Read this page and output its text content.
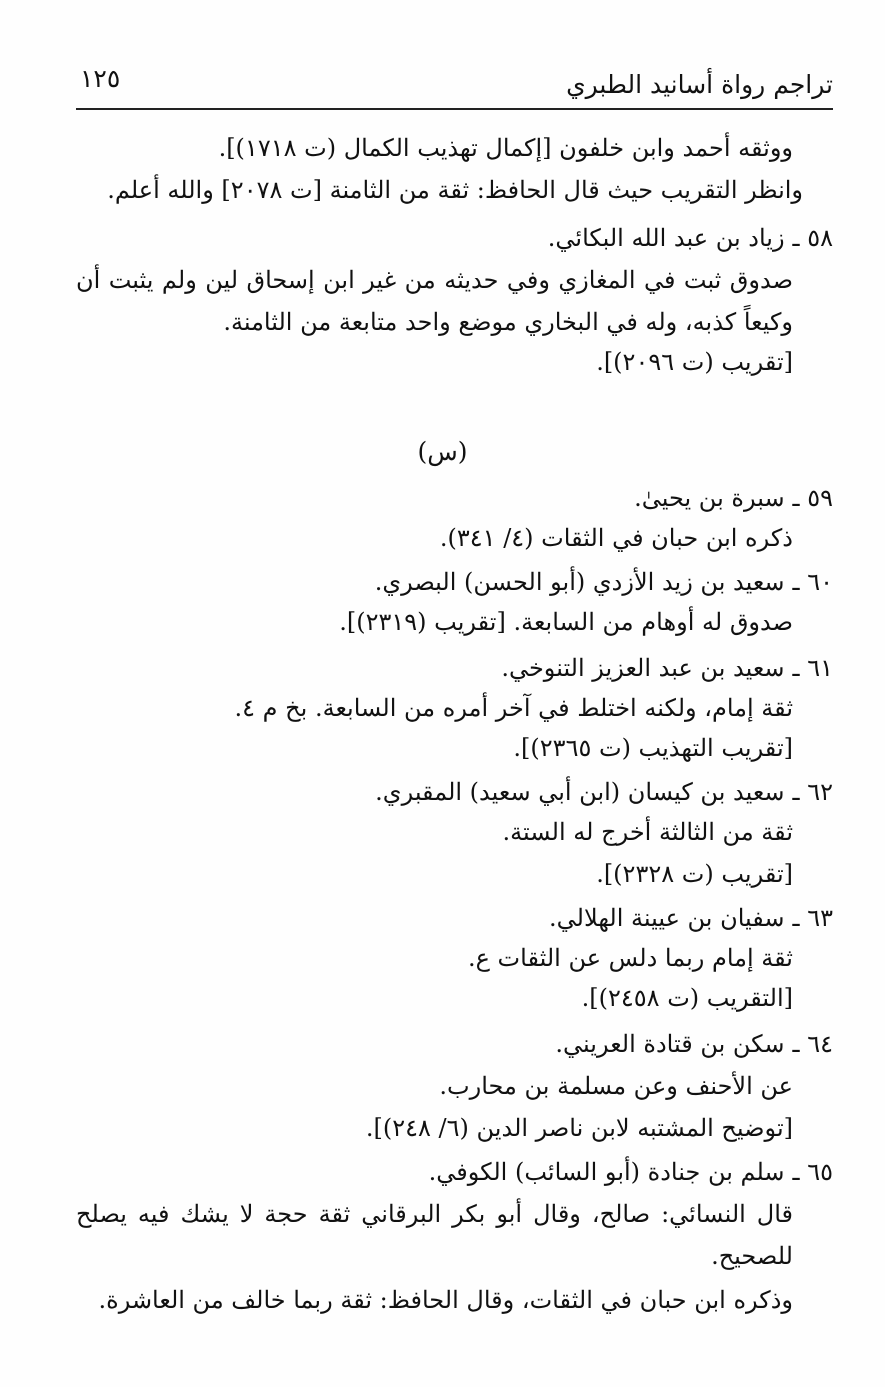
تراجم رواة أسانيد الطبري
١٢٥
ووثقه أحمد وابن خلفون [إكمال تهذيب الكمال (ت ١٧١٨)].
وانظر التقريب حيث قال الحافظ: ثقة من الثامنة [ت ٢٠٧٨] والله أعلم.
٥٨ ـزياد بن عبد الله البكائي.
صدوق ثبت في المغازي وفي حديثه من غير ابن إسحاق لين ولم يثبت أن
وكيعاً كذبه، وله في البخاري موضع واحد متابعة من الثامنة.
[تقريب (ت ٢٠٩٦)].
(س)
٥٩ ـسبرة بن يحيىٰ.
ذكره ابن حبان في الثقات (٤/ ٣٤١).
٦٠ ـسعيد بن زيد الأزدي (أبو الحسن) البصري.
صدوق له أوهام من السابعة. [تقريب (٢٣١٩)].
٦١ ـسعيد بن عبد العزيز التنوخي.
ثقة إمام، ولكنه اختلط في آخر أمره من السابعة. بخ م ٤.
[تقريب التهذيب (ت ٢٣٦٥)].
٦٢ ـسعيد بن كيسان (ابن أبي سعيد) المقبري.
ثقة من الثالثة أخرج له الستة.
[تقريب (ت ٢٣٢٨)].
٦٣ ـسفيان بن عيينة الهلالي.
ثقة إمام ربما دلس عن الثقات ع.
[التقريب (ت ٢٤٥٨)].
٦٤ ـسكن بن قتادة العريني.
عن الأحنف وعن مسلمة بن محارب.
[توضيح المشتبه لابن ناصر الدين (٦/ ٢٤٨)].
٦٥ ـسلم بن جنادة (أبو السائب) الكوفي.
قال النسائي: صالح، وقال أبو بكر البرقاني ثقة حجة لا يشك فيه يصلح
للصحيح.
وذكره ابن حبان في الثقات، وقال الحافظ: ثقة ربما خالف من العاشرة.
